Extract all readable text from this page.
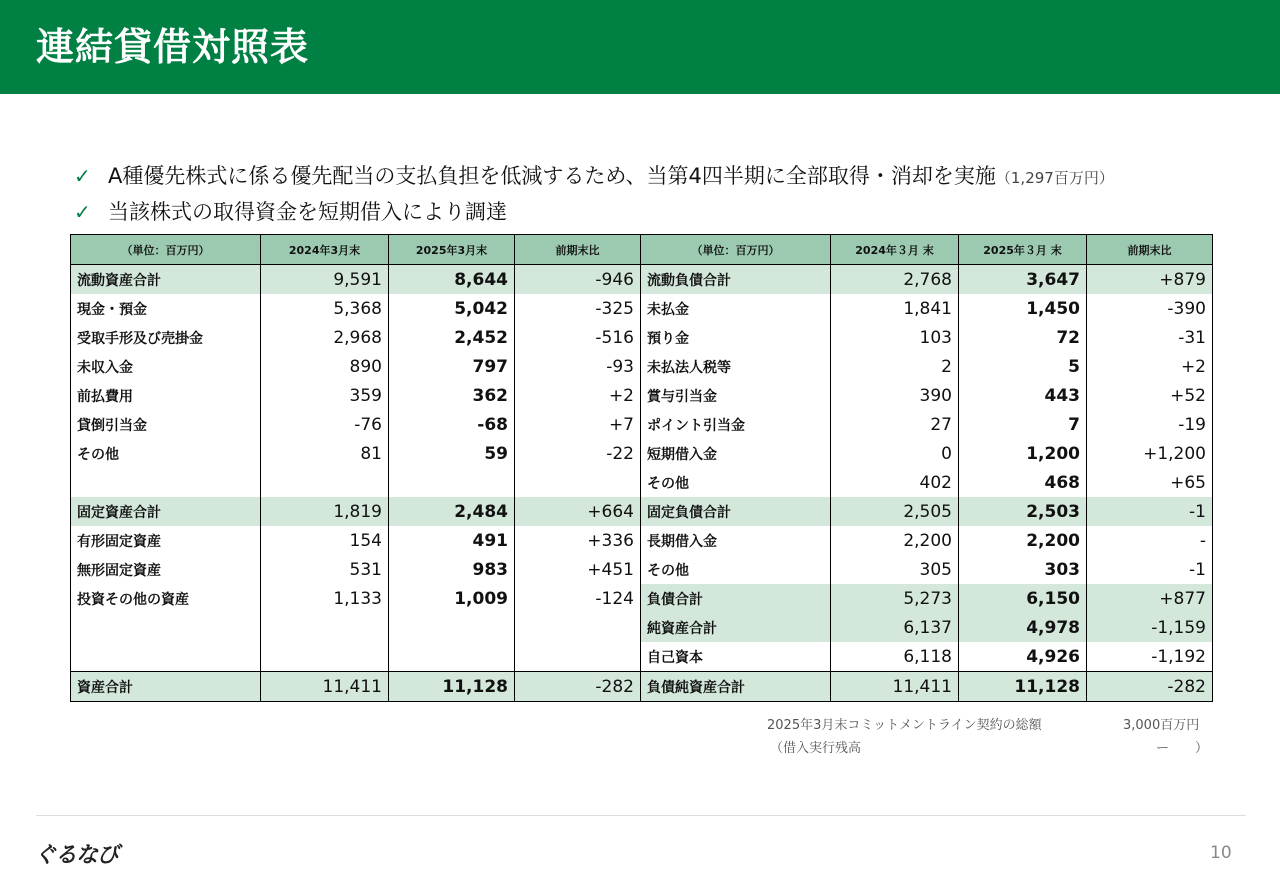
連結貸借対照表
✓ A種優先株式に係る優先配当の支払負担を低減するため、当第4四半期に全部取得・消却を実施（1,297百万円）
✓ 当該株式の取得資金を短期借入により調達
（単位：百万円）	2024年3月末	2025年3月末	前期末比	（単位：百万円）	2024年３月 末	2025年３月 末	前期末比
流動資産合計	9,591	8,644	-946	流動負債合計	2,768	3,647	+879
現金・預金	5,368	5,042	-325	未払金	1,841	1,450	-390
受取手形及び売掛金	2,968	2,452	-516	預り金	103	72	-31
未収入金	890	797	-93	未払法人税等	2	5	+2
前払費用	359	362	+2	賞与引当金	390	443	+52
貸倒引当金	-76	-68	+7	ポイント引当金	27	7	-19
その他	81	59	-22	短期借入金	0	1,200	+1,200
				その他	402	468	+65
固定資産合計	1,819	2,484	+664	固定負債合計	2,505	2,503	-1
有形固定資産	154	491	+336	長期借入金	2,200	2,200	-
無形固定資産	531	983	+451	その他	305	303	-1
投資その他の資産	1,133	1,009	-124	負債合計	5,273	6,150	+877
				純資産合計	6,137	4,978	-1,159
				自己資本	6,118	4,926	-1,192
資産合計	11,411	11,128	-282	負債純資産合計	11,411	11,128	-282
2025年3月末コミットメントライン契約の総額	3,000百万円
（借入実行残高	ー　　）
ぐるなび	10
